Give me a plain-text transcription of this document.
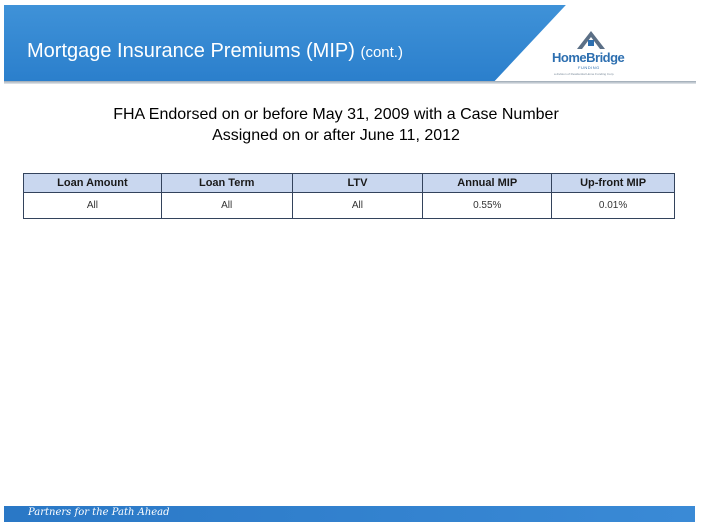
Mortgage Insurance Premiums (MIP) (cont.)	HomeBridge
FUNDING
a division of Residential Home Funding Corp.
FHA Endorsed on or before May 31, 2009 with a Case Number
Assigned on or after June 11, 2012
Loan Amount	Loan Term	LTV	Annual MIP	Up-front MIP
All	All	All	0.55%	0.01%
Partners for the Path Ahead
